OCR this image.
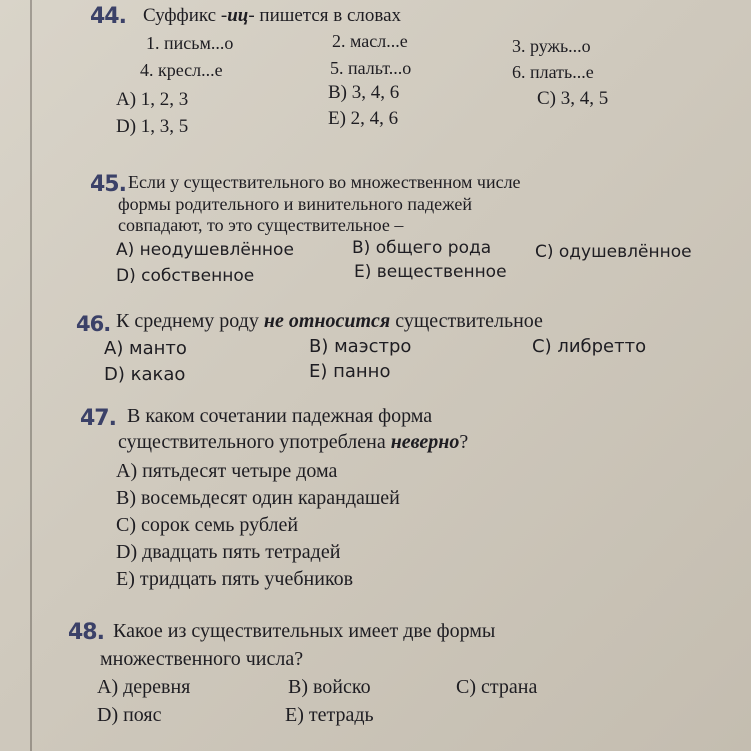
44. Суффикс -иц- пишется в словах
1. письм...о	2. масл...е	3. ружь...о
4. кресл...е	5. пальт...о	6. плать...е
A) 1, 2, 3	B) 3, 4, 6	C) 3, 4, 5
D) 1, 3, 5	E) 2, 4, 6
45. Если у существительного во множественном числе
формы родительного и винительного падежей
совпадают, то это существительное –
A) неодушевлённое	B) общего рода	C) одушевлённое
D) собственное	E) вещественное
46. К среднему роду не относится существительное
A) манто	B) маэстро	C) либретто
D) какао	E) панно
47. В каком сочетании падежная форма
существительного употреблена неверно?
A) пятьдесят четыре дома
B) восемьдесят один карандашей
C) сорок семь рублей
D) двадцать пять тетрадей
E) тридцать пять учебников
48. Какое из существительных имеет две формы
множественного числа?
A) деревня	B) войско	C) страна
D) пояс	E) тетрадь
